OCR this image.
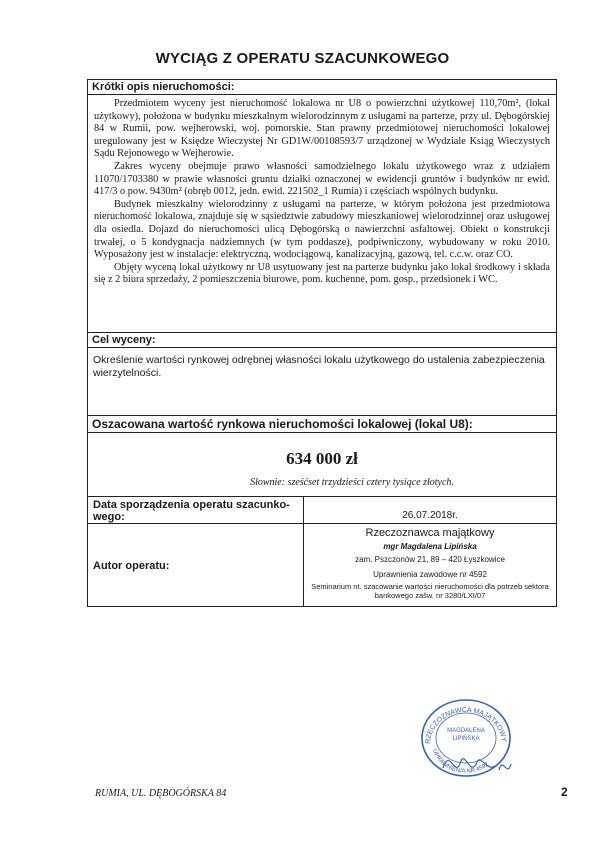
WYCIĄG Z OPERATU SZACUNKOWEGO
Krótki opis nieruchomości:

Przedmiotem wyceny jest nieruchomość lokalowa nr U8 o powierzchni użytkowej 110,70m², (lokal użytkowy), położona w budynku mieszkalnym wielorodzinnym z usługami na parterze, przy ul. Dębogórskiej 84 w Rumii, pow. wejherowski, woj. pomorskie. Stan prawny przedmiotowej nieruchomości lokalowej uregulowany jest w Księdze Wieczystej Nr GD1W/00108593/7 urządzonej w Wydziale Ksiąg Wieczystych Sądu Rejonowego w Wejherowie.

Zakres wyceny obejmuje prawo własności samodzielnego lokalu użytkowego wraz z udziałem 11070/1703380 w prawie własności gruntu działki oznaczonej w ewidencji gruntów i budynków nr ewid. 417/3 o pow. 9430m² (obręb 0012, jedn. ewid. 221502_1 Rumia) i częściach wspólnych budynku.

Budynek mieszkalny wielorodzinny z usługami na parterze, w którym położona jest przedmiotowa nieruchomość lokalowa, znajduje się w sąsiedztwie zabudowy mieszkaniowej wielorodzinnej oraz usługowej dla osiedla. Dojazd do nieruchomości ulicą Dębogórską o nawierzchni asfaltowej. Obiekt o konstrukcji trwałej, o 5 kondygnacja nadziemnych (w tym poddasze), podpiwniczony, wybudowany w roku 2010. Wyposażony jest w instalacje: elektryczną, wodociągową, kanalizacyjną, gazową, tel. c.c.w. oraz CO.

Objęty wyceną lokal użytkowy nr U8 usytuowany jest na parterze budynku jako lokal środkowy i składa się z 2 biura sprzedaży, 2 pomieszczenia biurowe, pom. kuchenne, pom. gosp., przedsionek i WC.

Cel wyceny:
Określenie wartości rynkowej odrębnej własności lokalu użytkowego do ustalenia zabezpieczenia wierzytelności.
Oszacowana wartość rynkowa nieruchomości lokalowej (lokal U8):
634 000 zł
Słownie: sześćset trzydzieści cztery tysiące złotych.
Data sporządzenia operatu szacunko-
wego:	26.07.2018r.
Autor operatu:
Rzeczoznawca majątkowy
mgr Magdalena Lipińska
zam. Pszczonów 21, 89 – 420 Łyszkowice
Uprawnienia zawodowe nr 4592
Seminarium nt. szacowanie wartości nieruchomości dla potrzeb sektora bankowego zašw. nr 3280/LXI/07
RZECZOZNAWCA MAJĄTKOWY
UPRAWNIENIA NR 4592
MAGDALENA
LIPIŃSKA
RUMIA, UL. DĘBOGÓRSKA 84	2
